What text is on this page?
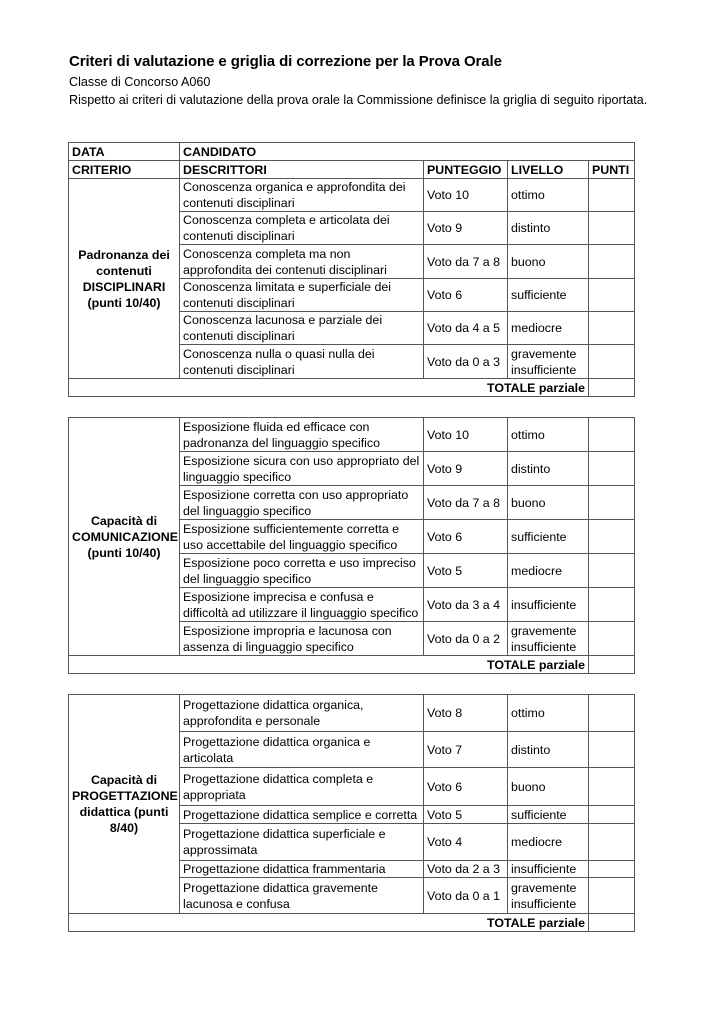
Criteri di valutazione e griglia di correzione per la Prova Orale

Classe di Concorso A060

Rispetto ai criteri di valutazione della prova orale la Commissione definisce la griglia di seguito riportata.

DATA	CANDIDATO			
CRITERIO	DESCRITTORI	PUNTEGGIO	LIVELLO	PUNTI
Padronanza dei contenuti DISCIPLINARI (punti 10/40)	Conoscenza organica e approfondita dei contenuti disciplinari	Voto 10	ottimo	
	Conoscenza completa e articolata dei contenuti disciplinari	Voto 9	distinto	
	Conoscenza completa ma non approfondita dei contenuti disciplinari	Voto da 7 a 8	buono	
	Conoscenza limitata e superficiale dei contenuti disciplinari	Voto 6	sufficiente	
	Conoscenza lacunosa e parziale dei contenuti disciplinari	Voto da 4 a 5	mediocre	
	Conoscenza nulla o quasi nulla dei contenuti disciplinari	Voto da 0 a 3	gravemente insufficiente	
TOTALE parziale				
Capacità di COMUNICAZIONE (punti 10/40)	Esposizione fluida ed efficace con padronanza del linguaggio specifico	Voto 10	ottimo	
	Esposizione sicura con uso appropriato del linguaggio specifico	Voto 9	distinto	
	Esposizione corretta con uso appropriato del linguaggio specifico	Voto da 7 a 8	buono	
	Esposizione sufficientemente corretta e uso accettabile del linguaggio specifico	Voto 6	sufficiente	
	Esposizione poco corretta e uso impreciso del linguaggio specifico	Voto 5	mediocre	
	Esposizione imprecisa e confusa e difficoltà ad utilizzare il linguaggio specifico	Voto da 3 a 4	insufficiente	
	Esposizione impropria e lacunosa con assenza di linguaggio specifico	Voto da 0 a 2	gravemente insufficiente	
TOTALE parziale				
Capacità di PROGETTAZIONE didattica (punti 8/40)	Progettazione didattica organica, approfondita e personale	Voto 8	ottimo	
	Progettazione didattica organica e articolata	Voto 7	distinto	
	Progettazione didattica completa e appropriata	Voto 6	buono	
	Progettazione didattica semplice e corretta	Voto 5	sufficiente	
	Progettazione didattica superficiale e approssimata	Voto 4	mediocre	
	Progettazione didattica frammentaria	Voto da 2 a 3	insufficiente	
	Progettazione didattica gravemente lacunosa e confusa	Voto da 0 a 1	gravemente insufficiente	
TOTALE parziale				
